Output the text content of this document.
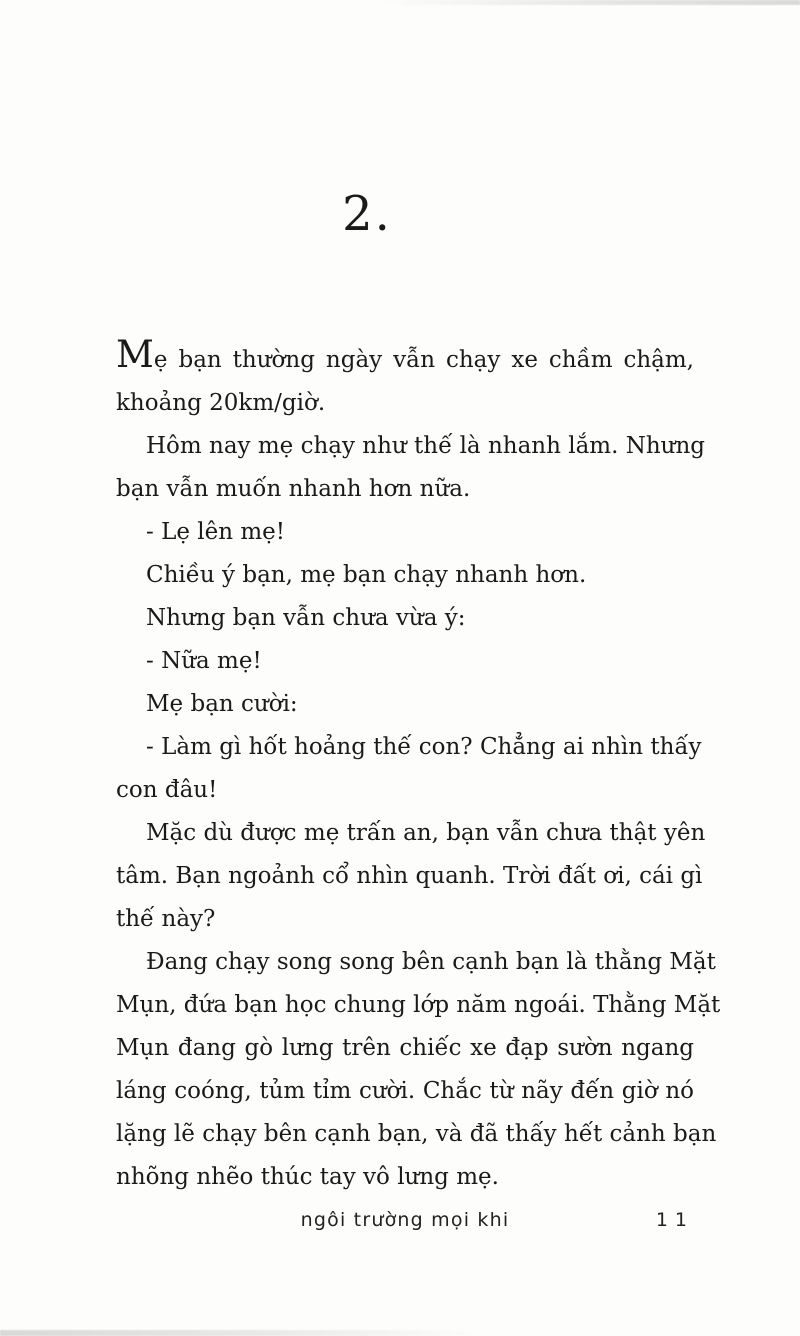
2.
Mẹ bạn thường ngày vẫn chạy xe chầm chậm,
khoảng 20km/giờ.
Hôm nay mẹ chạy như thế là nhanh lắm. Nhưng
bạn vẫn muốn nhanh hơn nữa.
- Lẹ lên mẹ!
Chiều ý bạn, mẹ bạn chạy nhanh hơn.
Nhưng bạn vẫn chưa vừa ý:
- Nữa mẹ!
Mẹ bạn cười:
- Làm gì hốt hoảng thế con? Chẳng ai nhìn thấy
con đâu!
Mặc dù được mẹ trấn an, bạn vẫn chưa thật yên
tâm. Bạn ngoảnh cổ nhìn quanh. Trời đất ơi, cái gì
thế này?
Đang chạy song song bên cạnh bạn là thằng Mặt
Mụn, đứa bạn học chung lớp năm ngoái. Thằng Mặt
Mụn đang gò lưng trên chiếc xe đạp sườn ngang
láng coóng, tủm tỉm cười. Chắc từ nãy đến giờ nó
lặng lẽ chạy bên cạnh bạn, và đã thấy hết cảnh bạn
nhõng nhẽo thúc tay vô lưng mẹ.
ngôi trường mọi khi	11
